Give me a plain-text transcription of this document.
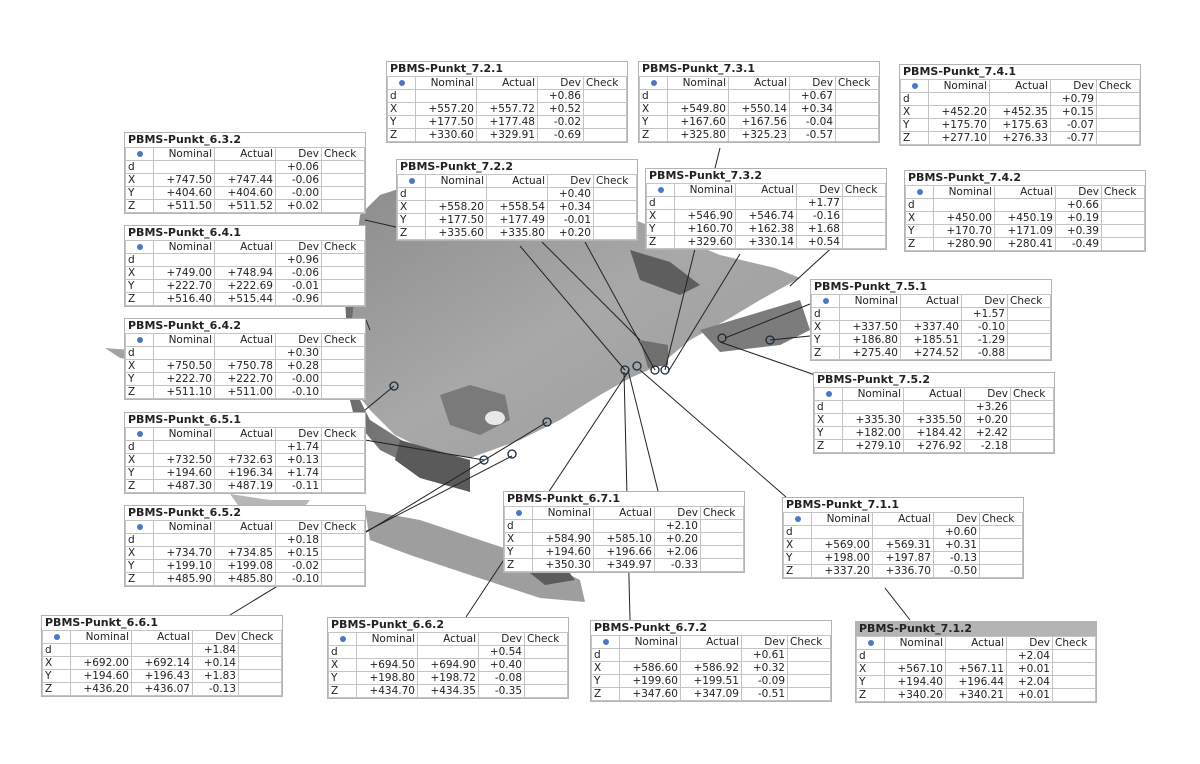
PBMS-Punkt_7.2.1
	Nominal	Actual	Dev	Check
d			+0.86	
X	+557.20	+557.72	+0.52	
Y	+177.50	+177.48	-0.02	
Z	+330.60	+329.91	-0.69	
PBMS-Punkt_7.3.1
	Nominal	Actual	Dev	Check
d			+0.67	
X	+549.80	+550.14	+0.34	
Y	+167.60	+167.56	-0.04	
Z	+325.80	+325.23	-0.57	
PBMS-Punkt_7.4.1
	Nominal	Actual	Dev	Check
d			+0.79	
X	+452.20	+452.35	+0.15	
Y	+175.70	+175.63	-0.07	
Z	+277.10	+276.33	-0.77	
PBMS-Punkt_6.3.2
	Nominal	Actual	Dev	Check
d			+0.06	
X	+747.50	+747.44	-0.06	
Y	+404.60	+404.60	-0.00	
Z	+511.50	+511.52	+0.02	
PBMS-Punkt_7.2.2
	Nominal	Actual	Dev	Check
d			+0.40	
X	+558.20	+558.54	+0.34	
Y	+177.50	+177.49	-0.01	
Z	+335.60	+335.80	+0.20	
PBMS-Punkt_7.3.2
	Nominal	Actual	Dev	Check
d			+1.77	
X	+546.90	+546.74	-0.16	
Y	+160.70	+162.38	+1.68	
Z	+329.60	+330.14	+0.54	
PBMS-Punkt_7.4.2
	Nominal	Actual	Dev	Check
d			+0.66	
X	+450.00	+450.19	+0.19	
Y	+170.70	+171.09	+0.39	
Z	+280.90	+280.41	-0.49	
PBMS-Punkt_6.4.1
	Nominal	Actual	Dev	Check
d			+0.96	
X	+749.00	+748.94	-0.06	
Y	+222.70	+222.69	-0.01	
Z	+516.40	+515.44	-0.96	
PBMS-Punkt_7.5.1
	Nominal	Actual	Dev	Check
d			+1.57	
X	+337.50	+337.40	-0.10	
Y	+186.80	+185.51	-1.29	
Z	+275.40	+274.52	-0.88	
PBMS-Punkt_6.4.2
	Nominal	Actual	Dev	Check
d			+0.30	
X	+750.50	+750.78	+0.28	
Y	+222.70	+222.70	-0.00	
Z	+511.10	+511.00	-0.10	
PBMS-Punkt_7.5.2
	Nominal	Actual	Dev	Check
d			+3.26	
X	+335.30	+335.50	+0.20	
Y	+182.00	+184.42	+2.42	
Z	+279.10	+276.92	-2.18	
PBMS-Punkt_6.5.1
	Nominal	Actual	Dev	Check
d			+1.74	
X	+732.50	+732.63	+0.13	
Y	+194.60	+196.34	+1.74	
Z	+487.30	+487.19	-0.11	
PBMS-Punkt_6.7.1
	Nominal	Actual	Dev	Check
d			+2.10	
X	+584.90	+585.10	+0.20	
Y	+194.60	+196.66	+2.06	
Z	+350.30	+349.97	-0.33	
PBMS-Punkt_7.1.1
	Nominal	Actual	Dev	Check
d			+0.60	
X	+569.00	+569.31	+0.31	
Y	+198.00	+197.87	-0.13	
Z	+337.20	+336.70	-0.50	
PBMS-Punkt_6.5.2
	Nominal	Actual	Dev	Check
d			+0.18	
X	+734.70	+734.85	+0.15	
Y	+199.10	+199.08	-0.02	
Z	+485.90	+485.80	-0.10	
PBMS-Punkt_6.6.1
	Nominal	Actual	Dev	Check
d			+1.84	
X	+692.00	+692.14	+0.14	
Y	+194.60	+196.43	+1.83	
Z	+436.20	+436.07	-0.13	
PBMS-Punkt_6.6.2
	Nominal	Actual	Dev	Check
d			+0.54	
X	+694.50	+694.90	+0.40	
Y	+198.80	+198.72	-0.08	
Z	+434.70	+434.35	-0.35	
PBMS-Punkt_6.7.2
	Nominal	Actual	Dev	Check
d			+0.61	
X	+586.60	+586.92	+0.32	
Y	+199.60	+199.51	-0.09	
Z	+347.60	+347.09	-0.51	
PBMS-Punkt_7.1.2
	Nominal	Actual	Dev	Check
d			+2.04	
X	+567.10	+567.11	+0.01	
Y	+194.40	+196.44	+2.04	
Z	+340.20	+340.21	+0.01	
